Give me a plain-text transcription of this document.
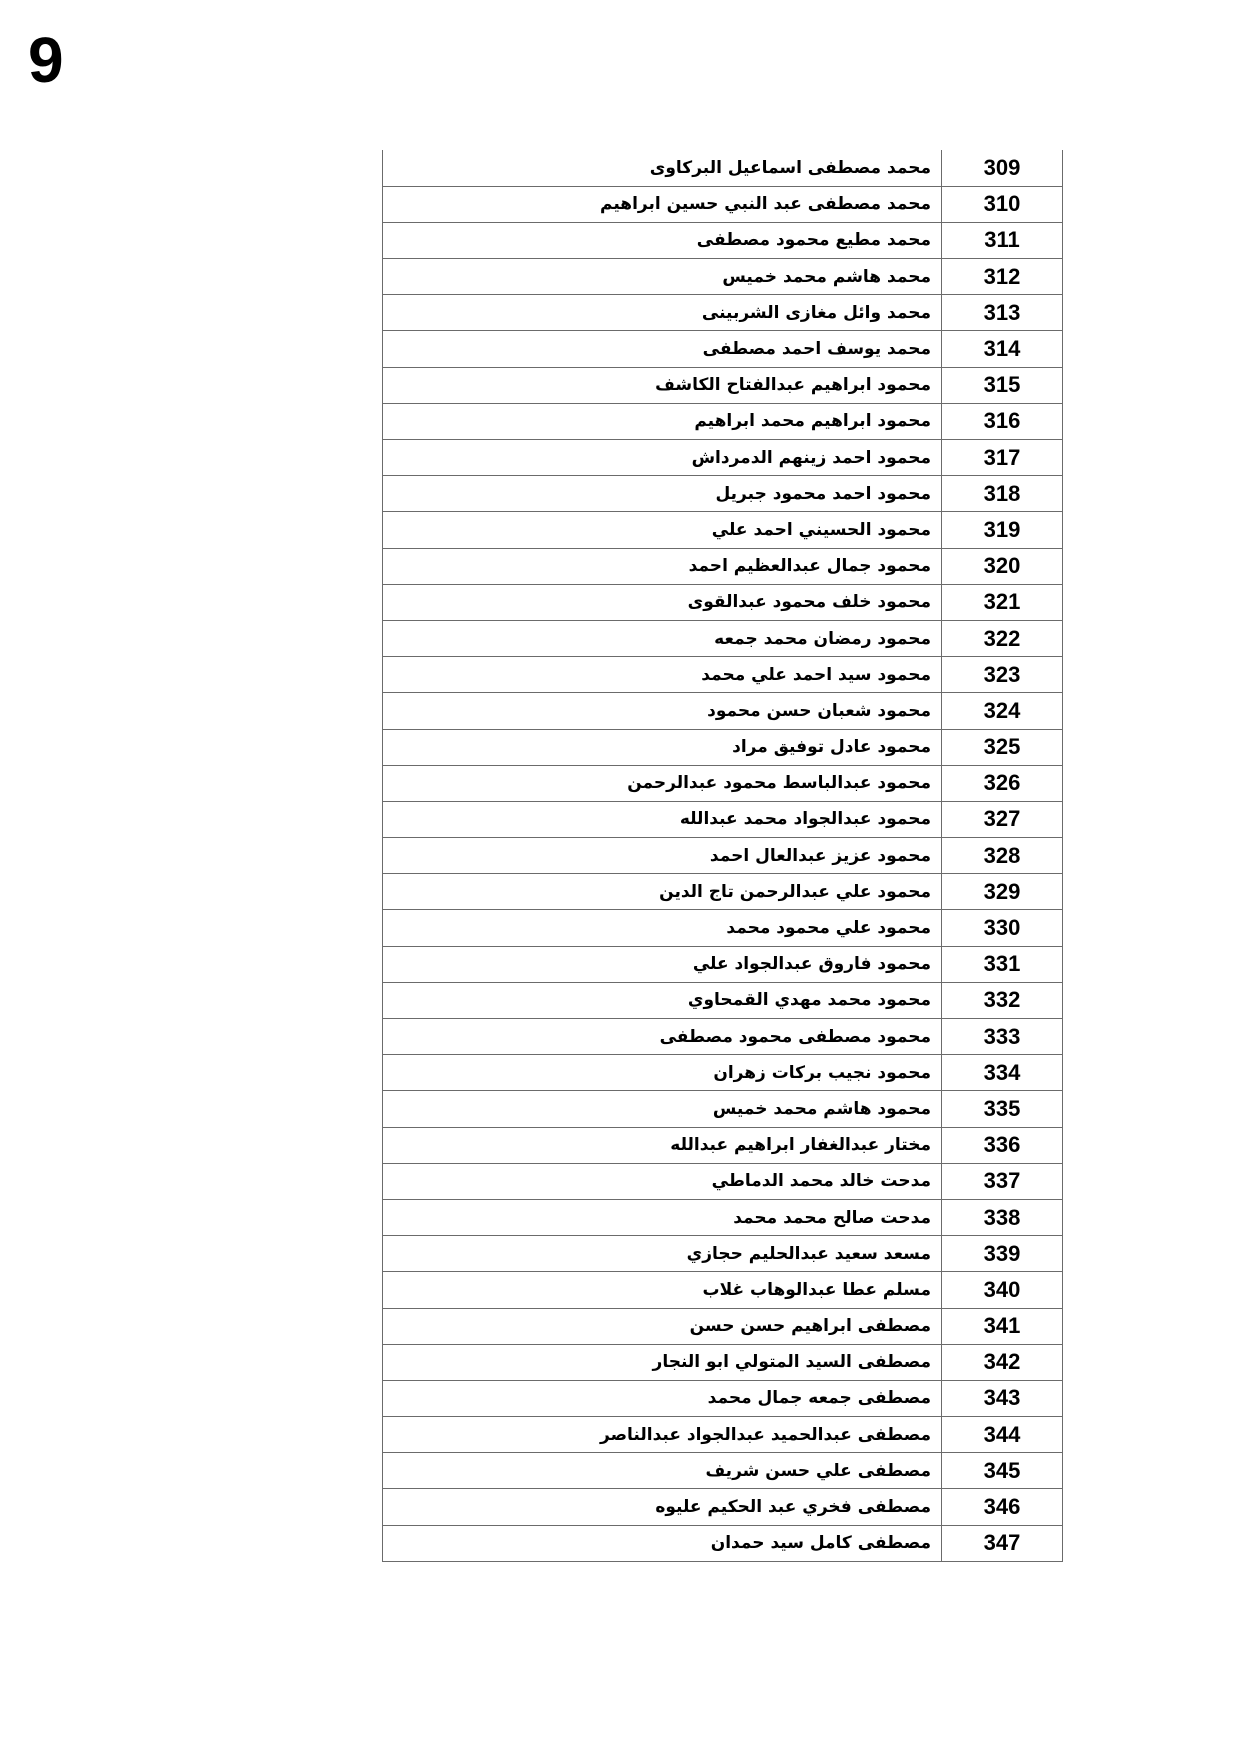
9
309	محمد مصطفى اسماعيل البركاوى
310	محمد مصطفى عبد النبي حسين ابراهيم
311	محمد مطيع محمود مصطفى
312	محمد هاشم محمد خميس
313	محمد وائل مغازى الشربينى
314	محمد يوسف احمد مصطفى
315	محمود ابراهيم عبدالفتاح الكاشف
316	محمود ابراهيم محمد ابراهيم
317	محمود احمد زينهم الدمرداش
318	محمود احمد محمود جبريل
319	محمود الحسيني احمد علي
320	محمود جمال عبدالعظيم احمد
321	محمود خلف محمود عبدالقوى
322	محمود رمضان محمد جمعه
323	محمود سيد احمد علي محمد
324	محمود شعبان حسن محمود
325	محمود عادل توفيق مراد
326	محمود عبدالباسط محمود عبدالرحمن
327	محمود عبدالجواد محمد عبدالله
328	محمود عزيز عبدالعال احمد
329	محمود علي عبدالرحمن تاج الدين
330	محمود علي محمود محمد
331	محمود فاروق عبدالجواد علي
332	محمود محمد مهدي القمحاوي
333	محمود مصطفى محمود مصطفى
334	محمود نجيب بركات زهران
335	محمود هاشم محمد خميس
336	مختار عبدالغفار ابراهيم عبدالله
337	مدحت خالد محمد الدماطي
338	مدحت صالح محمد محمد
339	مسعد سعيد عبدالحليم حجازي
340	مسلم عطا عبدالوهاب غلاب
341	مصطفى ابراهيم حسن حسن
342	مصطفى السيد المتولي ابو النجار
343	مصطفى جمعه جمال محمد
344	مصطفى عبدالحميد عبدالجواد عبدالناصر
345	مصطفى علي حسن شريف
346	مصطفى فخري عبد الحكيم عليوه
347	مصطفى كامل سيد حمدان
